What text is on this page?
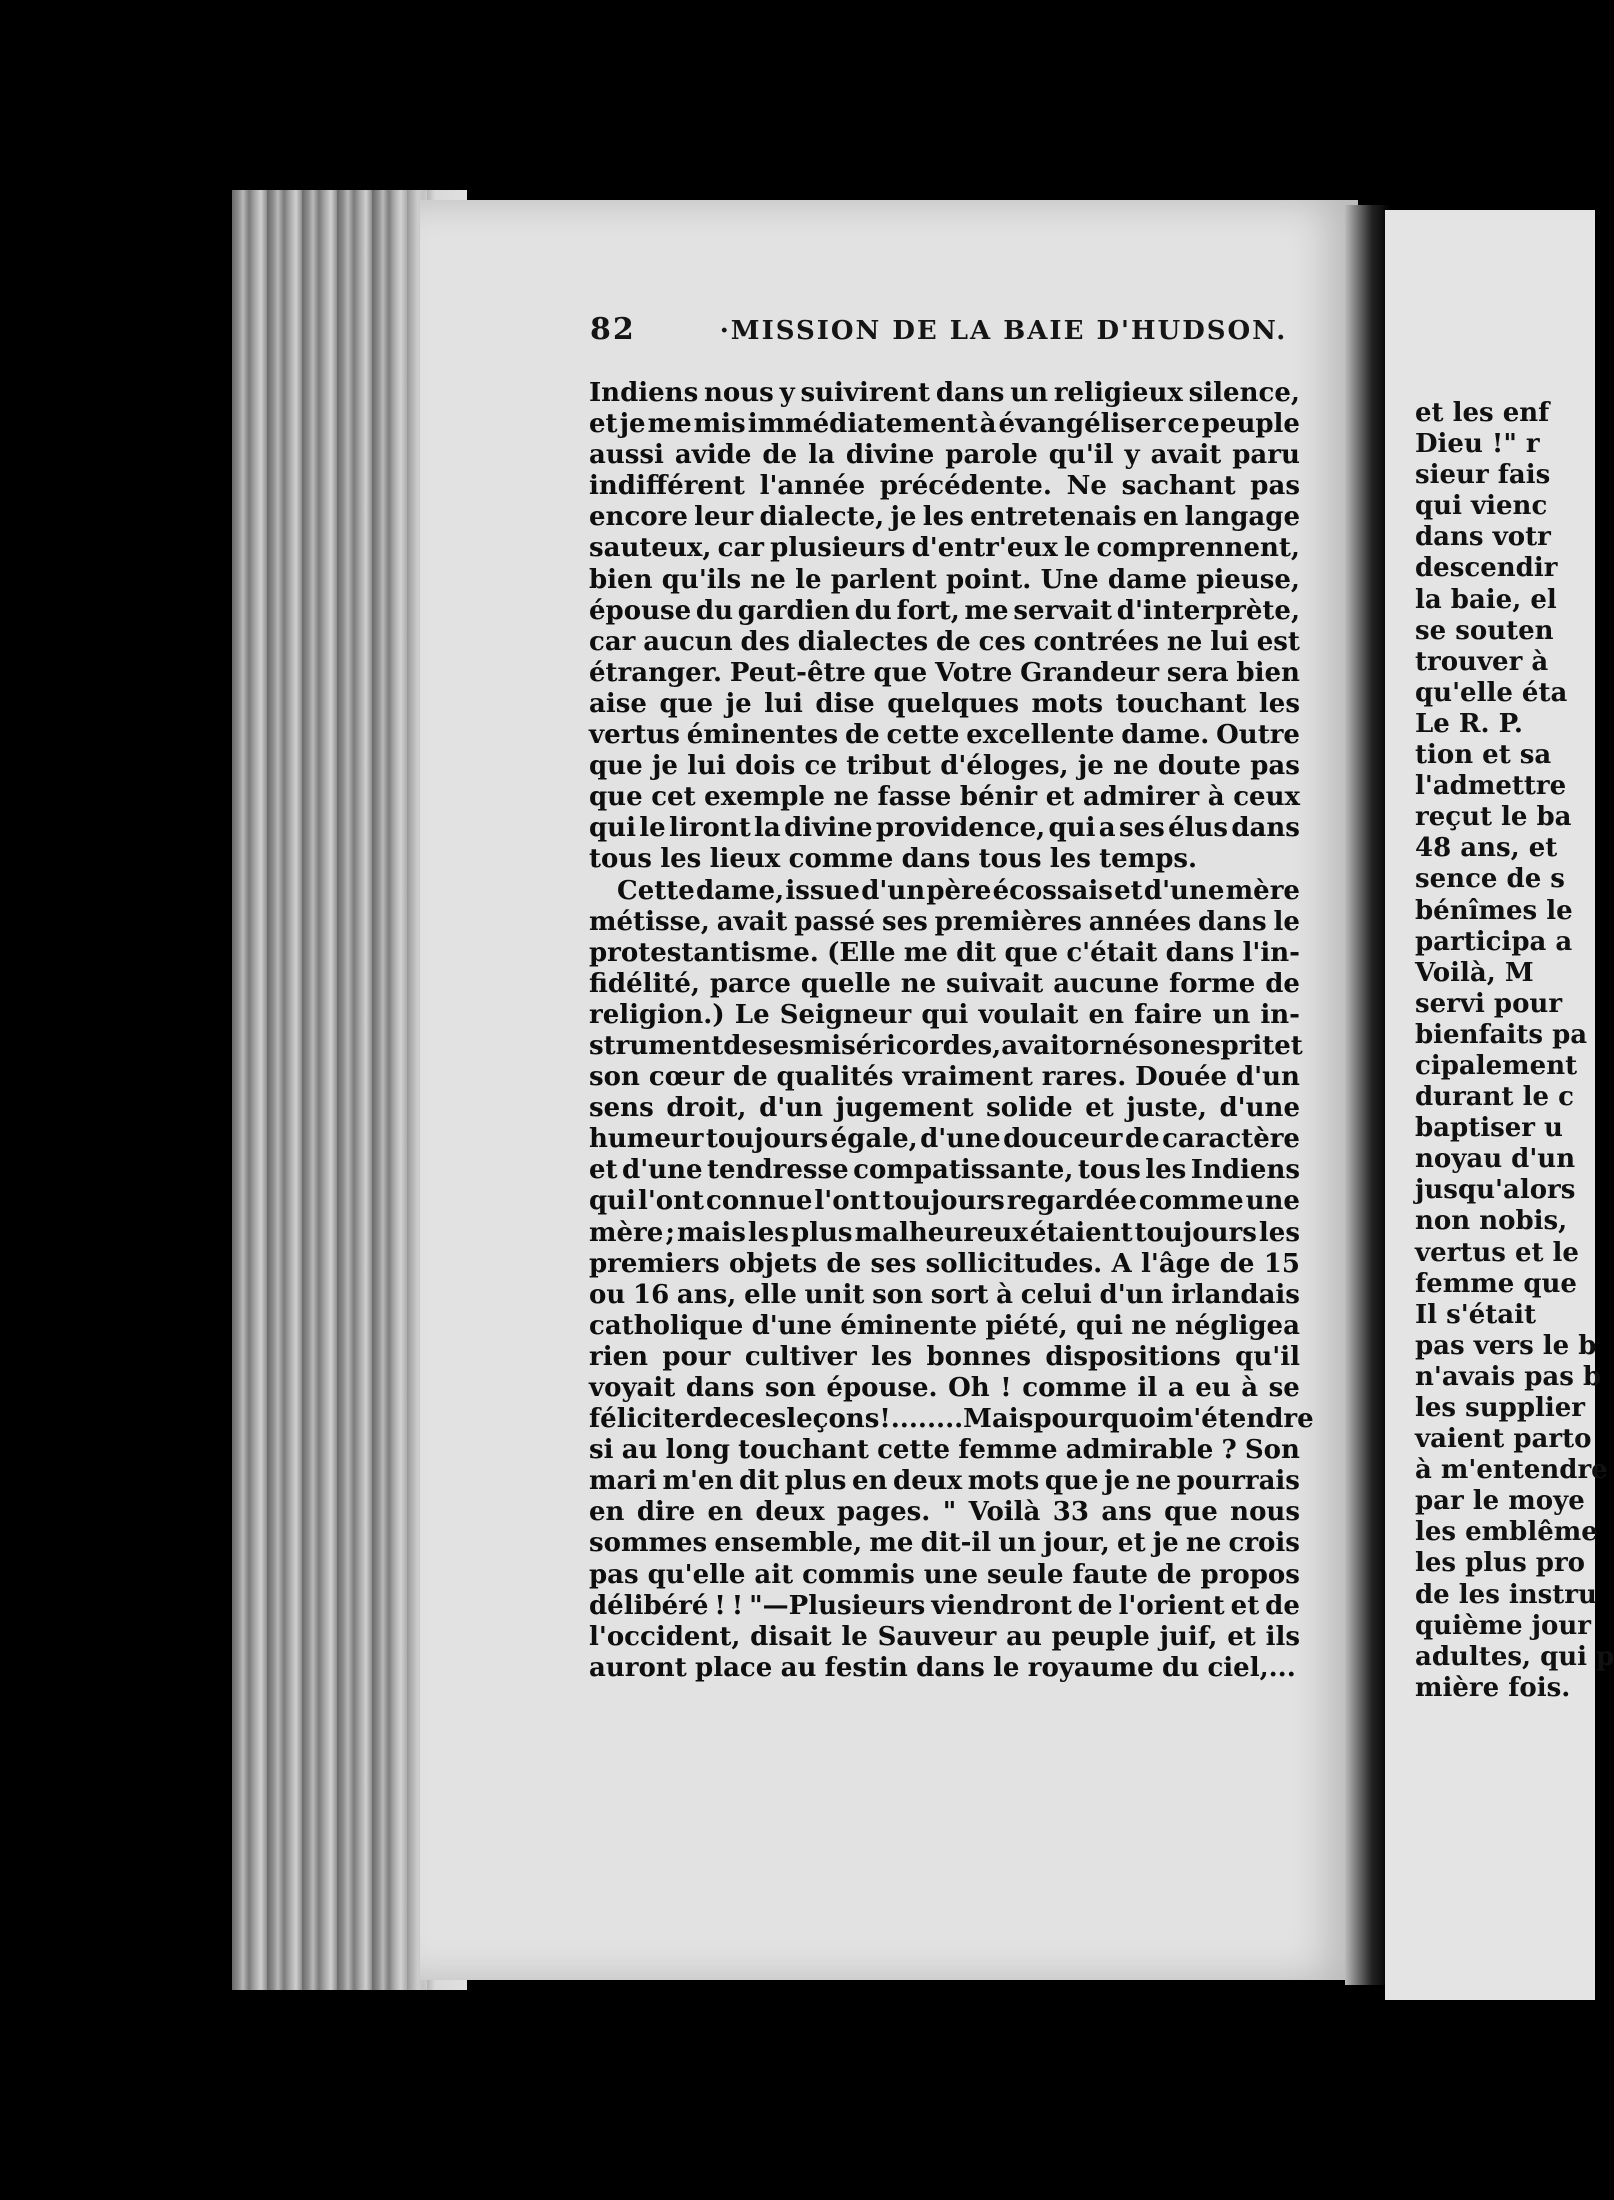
82	·MISSION DE LA BAIE D'HUDSON.
Indiens nous y suivirent dans un religieux silence,
et je me mis immédiatement à évangéliser ce peuple
aussi avide de la divine parole qu'il y avait paru
indifférent l'année précédente. Ne sachant pas
encore leur dialecte, je les entretenais en langage
sauteux, car plusieurs d'entr'eux le comprennent,
bien qu'ils ne le parlent point. Une dame pieuse,
épouse du gardien du fort, me servait d'interprète,
car aucun des dialectes de ces contrées ne lui est
étranger. Peut-être que Votre Grandeur sera bien
aise que je lui dise quelques mots touchant les
vertus éminentes de cette excellente dame. Outre
que je lui dois ce tribut d'éloges, je ne doute pas
que cet exemple ne fasse bénir et admirer à ceux
qui le liront la divine providence, qui a ses élus dans
tous les lieux comme dans tous les temps.
Cette dame, issue d'un père écossais et d'une mère
métisse, avait passé ses premières années dans le
protestantisme. (Elle me dit que c'était dans l'in-
fidélité, parce quelle ne suivait aucune forme de
religion.) Le Seigneur qui voulait en faire un in-
strument de ses miséricordes, avait orné son esprit et
son cœur de qualités vraiment rares. Douée d'un
sens droit, d'un jugement solide et juste, d'une
humeur toujours égale, d'une douceur de caractère
et d'une tendresse compatissante, tous les Indiens
qui l'ont connue l'ont toujours regardée comme une
mère ; mais les plus malheureux étaient toujours les
premiers objets de ses sollicitudes. A l'âge de 15
ou 16 ans, elle unit son sort à celui d'un irlandais
catholique d'une éminente piété, qui ne négligea
rien pour cultiver les bonnes dispositions qu'il
voyait dans son épouse. Oh ! comme il a eu à se
féliciter de ces leçons !........ Mais pourquoi m'étendre
si au long touchant cette femme admirable ? Son
mari m'en dit plus en deux mots que je ne pourrais
en dire en deux pages. " Voilà 33 ans que nous
sommes ensemble, me dit-il un jour, et je ne crois
pas qu'elle ait commis une seule faute de propos
délibéré ! ! "—Plusieurs viendront de l'orient et de
l'occident, disait le Sauveur au peuple juif, et ils
auront place au festin dans le royaume du ciel,...
et les enf
Dieu !" r
sieur fais
qui vienc
dans votr
descendir
la baie, el
se souten
trouver à
qu'elle éta
Le R. P.
tion et sa
l'admettre
reçut le ba
48 ans, et
sence de s
bénîmes le
participa a
Voilà, M
servi pour
bienfaits pa
cipalement
durant le c
baptiser u
noyau d'un
jusqu'alors
non nobis,
vertus et le
femme que
Il s'était
pas vers le b
n'avais pas b
les supplier
vaient parto
à m'entendre
par le moye
les emblême
les plus pro
de les instru
quième jour
adultes, qui p
mière fois.
